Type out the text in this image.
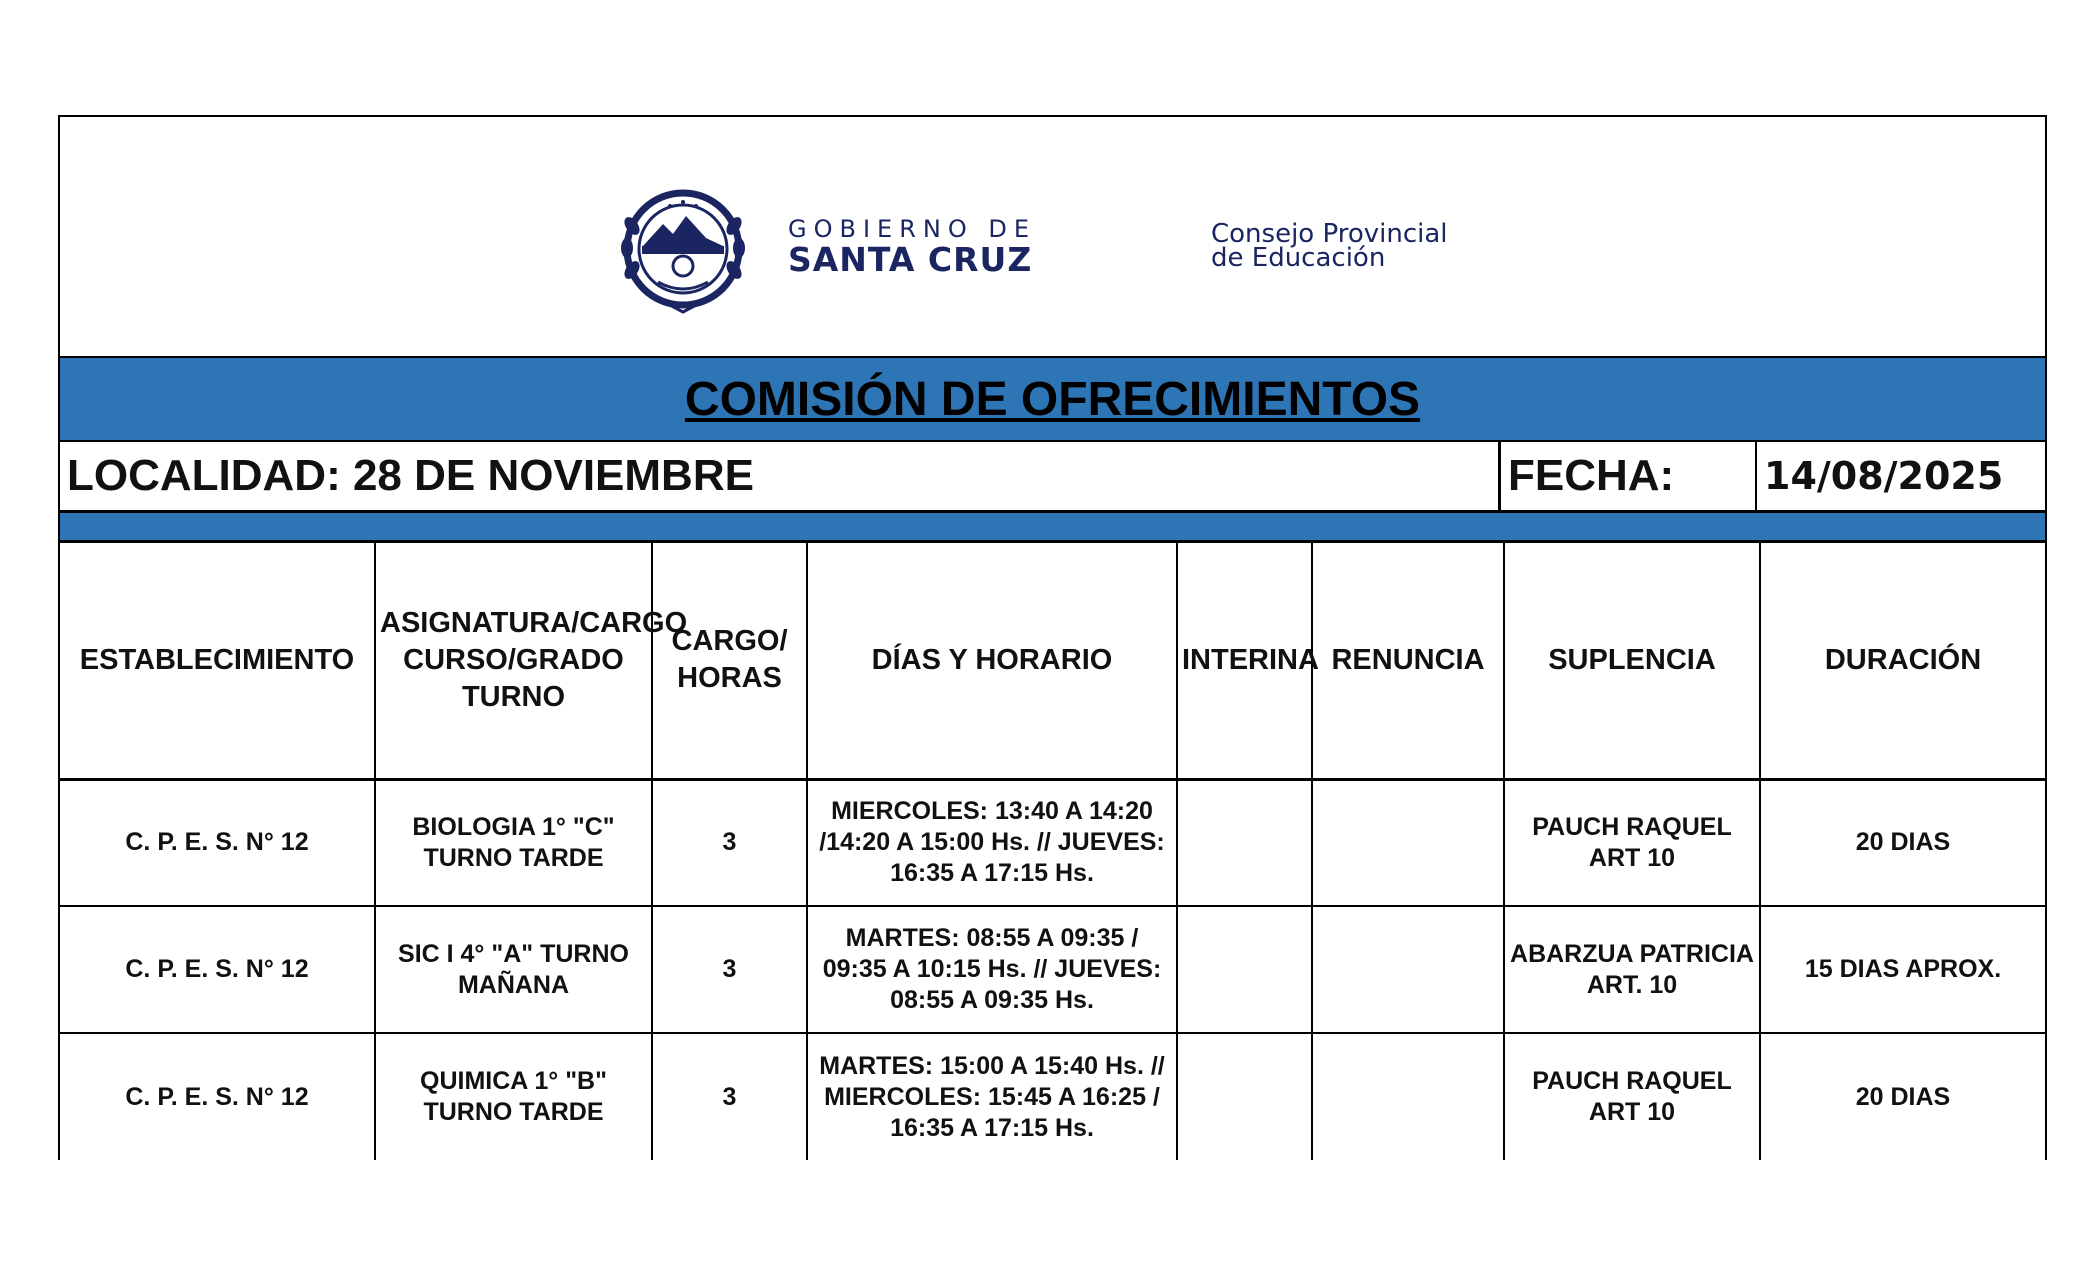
GOBIERNO DE
SANTA CRUZ
Consejo Provincial
de Educación
COMISIÓN DE OFRECIMIENTOS
LOCALIDAD: 28 DE NOVIEMBRE	FECHA:	14/08/2025
ESTABLECIMIENTO	ASIGNATURA/CARGO CURSO/GRADO TURNO	CARGO/ HORAS	DÍAS Y HORARIO	INTERINA	RENUNCIA	SUPLENCIA	DURACIÓN
C. P. E. S. N° 12	BIOLOGIA 1° "C" TURNO TARDE	3	MIERCOLES: 13:40 A 14:20 /14:20 A 15:00 Hs. // JUEVES: 16:35 A 17:15 Hs.			PAUCH RAQUEL ART 10	20 DIAS
C. P. E. S. N° 12	SIC I 4° "A" TURNO MAÑANA	3	MARTES: 08:55 A 09:35 / 09:35 A 10:15 Hs. // JUEVES: 08:55 A 09:35 Hs.			ABARZUA PATRICIA ART. 10	15 DIAS APROX.
C. P. E. S. N° 12	QUIMICA 1° "B" TURNO TARDE	3	MARTES: 15:00 A 15:40 Hs. // MIERCOLES: 15:45 A 16:25 / 16:35 A 17:15 Hs.			PAUCH RAQUEL ART 10	20 DIAS
